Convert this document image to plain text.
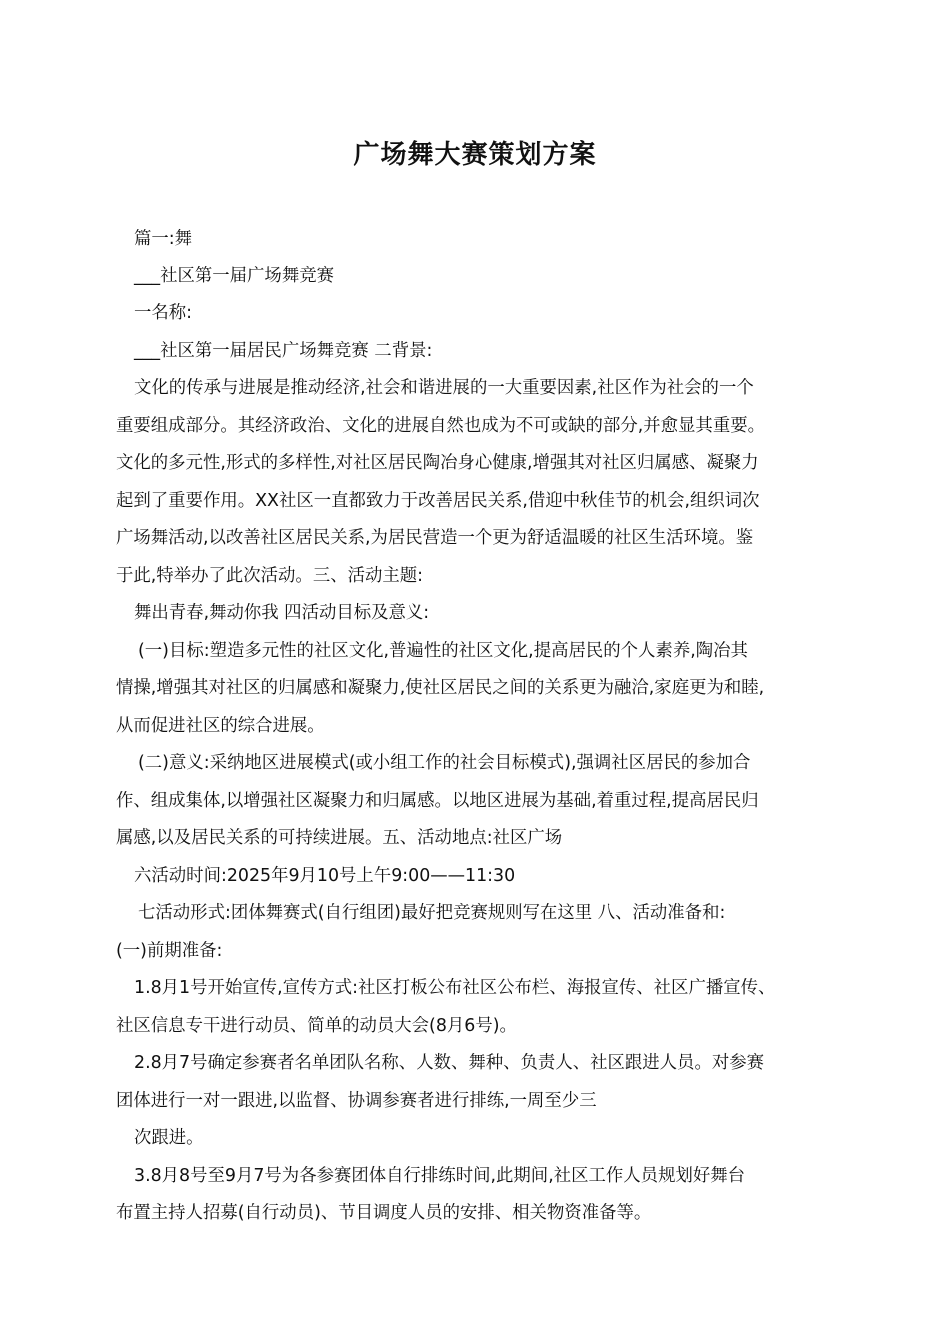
广场舞大赛策划方案
篇一:舞
___社区第一届广场舞竞赛
一名称:
___社区第一届居民广场舞竞赛 二背景:
文化的传承与进展是推动经济,社会和谐进展的一大重要因素,社区作为社会的一个
重要组成部分。其经济政治、文化的进展自然也成为不可或缺的部分,并愈显其重要。
文化的多元性,形式的多样性,对社区居民陶冶身心健康,增强其对社区归属感、凝聚力
起到了重要作用。XX社区一直都致力于改善居民关系,借迎中秋佳节的机会,组织词次
广场舞活动,以改善社区居民关系,为居民营造一个更为舒适温暖的社区生活环境。鉴
于此,特举办了此次活动。三、活动主题:
舞出青春,舞动你我 四活动目标及意义:
(一)目标:塑造多元性的社区文化,普遍性的社区文化,提高居民的个人素养,陶冶其
情操,增强其对社区的归属感和凝聚力,使社区居民之间的关系更为融洽,家庭更为和睦,
从而促进社区的综合进展。
(二)意义:采纳地区进展模式(或小组工作的社会目标模式),强调社区居民的参加合
作、组成集体,以增强社区凝聚力和归属感。以地区进展为基础,着重过程,提高居民归
属感,以及居民关系的可持续进展。五、活动地点:社区广场
六活动时间:2025年9月10号上午9:00——11:30
七活动形式:团体舞赛式(自行组团)最好把竞赛规则写在这里 八、活动准备和:
(一)前期准备:
1.8月1号开始宣传,宣传方式:社区打板公布社区公布栏、海报宣传、社区广播宣传、
社区信息专干进行动员、简单的动员大会(8月6号)。
2.8月7号确定参赛者名单团队名称、人数、舞种、负责人、社区跟进人员。对参赛
团体进行一对一跟进,以监督、协调参赛者进行排练,一周至少三
次跟进。
3.8月8号至9月7号为各参赛团体自行排练时间,此期间,社区工作人员规划好舞台
布置主持人招募(自行动员)、节目调度人员的安排、相关物资准备等。
